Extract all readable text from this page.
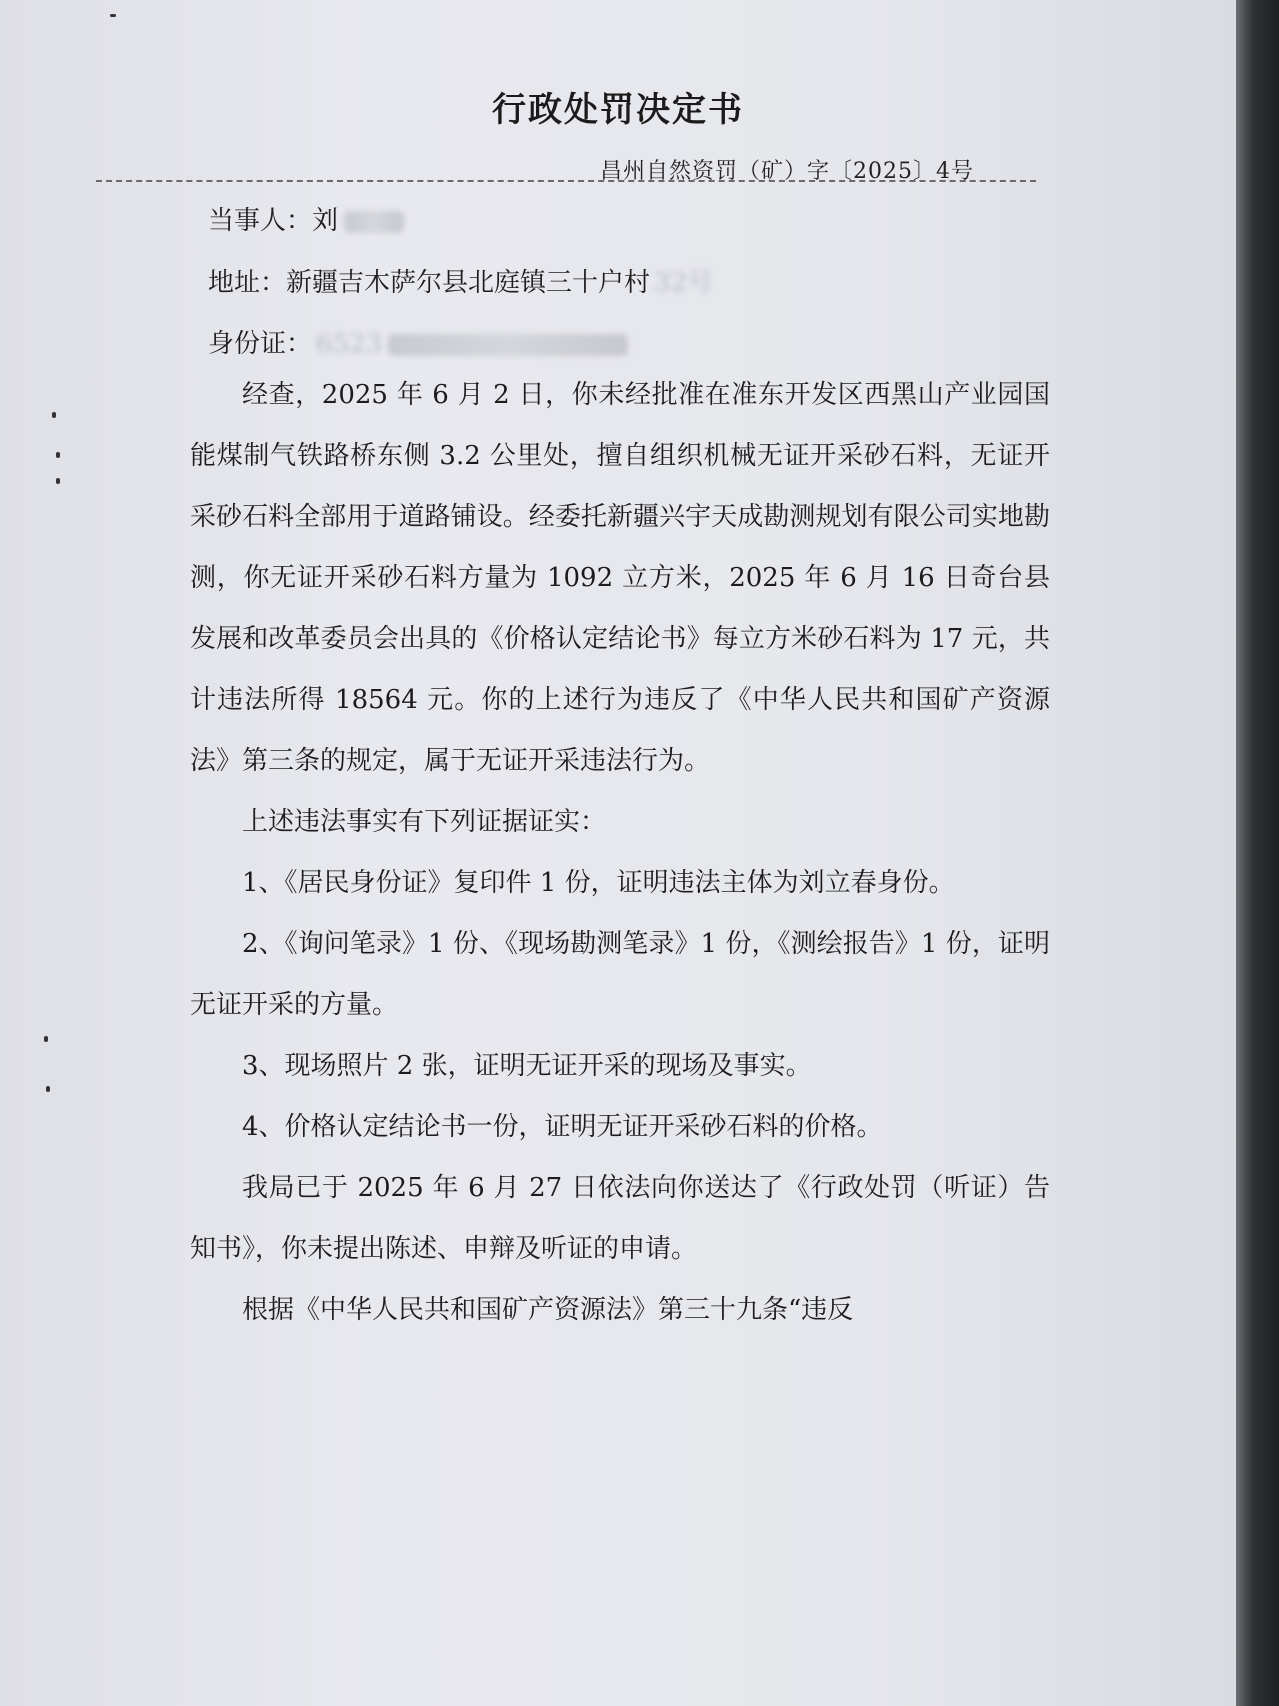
行政处罚决定书
昌州自然资罚（矿）字〔2025〕4号
当事人：刘
地址：新疆吉木萨尔县北庭镇三十户村 32号
身份证： 6523

经查，2025 年 6 月 2 日，你未经批准在准东开发区西黑山产业园国能煤制气铁路桥东侧 3.2 公里处，擅自组织机械无证开采砂石料，无证开采砂石料全部用于道路铺设。经委托新疆兴宇天成勘测规划有限公司实地勘测，你无证开采砂石料方量为 1092 立方米，2025 年 6 月 16 日奇台县发展和改革委员会出具的《价格认定结论书》每立方米砂石料为 17 元，共计违法所得 18564 元。你的上述行为违反了《中华人民共和国矿产资源法》第三条的规定，属于无证开采违法行为。

上述违法事实有下列证据证实：

1、《居民身份证》复印件 1 份，证明违法主体为刘立春身份。

2、《询问笔录》1 份、《现场勘测笔录》1 份，《测绘报告》1 份，证明无证开采的方量。

3、现场照片 2 张，证明无证开采的现场及事实。

4、价格认定结论书一份，证明无证开采砂石料的价格。

我局已于 2025 年 6 月 27 日依法向你送达了《行政处罚（听证）告知书》，你未提出陈述、申辩及听证的申请。

根据《中华人民共和国矿产资源法》第三十九条“违反
